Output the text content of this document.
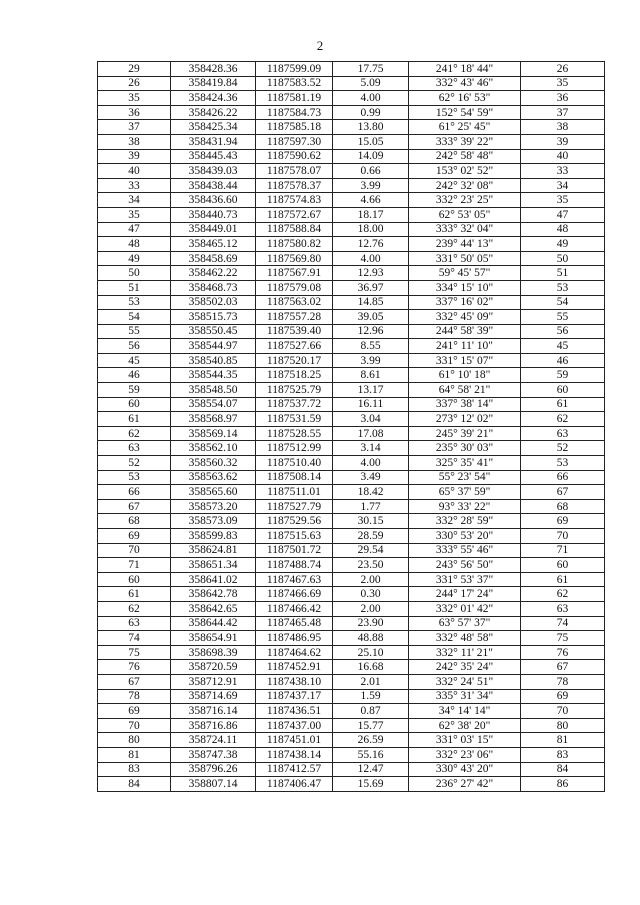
2
29	358428.36	1187599.09	17.75	241° 18' 44"	26
26	358419.84	1187583.52	5.09	332° 43' 46"	35
35	358424.36	1187581.19	4.00	62° 16' 53"	36
36	358426.22	1187584.73	0.99	152° 54' 59"	37
37	358425.34	1187585.18	13.80	61° 25' 45"	38
38	358431.94	1187597.30	15.05	333° 39' 22"	39
39	358445.43	1187590.62	14.09	242° 58' 48"	40
40	358439.03	1187578.07	0.66	153° 02' 52"	33
33	358438.44	1187578.37	3.99	242° 32' 08"	34
34	358436.60	1187574.83	4.66	332° 23' 25"	35
35	358440.73	1187572.67	18.17	62° 53' 05"	47
47	358449.01	1187588.84	18.00	333° 32' 04"	48
48	358465.12	1187580.82	12.76	239° 44' 13"	49
49	358458.69	1187569.80	4.00	331° 50' 05"	50
50	358462.22	1187567.91	12.93	59° 45' 57"	51
51	358468.73	1187579.08	36.97	334° 15' 10"	53
53	358502.03	1187563.02	14.85	337° 16' 02"	54
54	358515.73	1187557.28	39.05	332° 45' 09"	55
55	358550.45	1187539.40	12.96	244° 58' 39"	56
56	358544.97	1187527.66	8.55	241° 11' 10"	45
45	358540.85	1187520.17	3.99	331° 15' 07"	46
46	358544.35	1187518.25	8.61	61° 10' 18"	59
59	358548.50	1187525.79	13.17	64° 58' 21"	60
60	358554.07	1187537.72	16.11	337° 38' 14"	61
61	358568.97	1187531.59	3.04	273° 12' 02"	62
62	358569.14	1187528.55	17.08	245° 39' 21"	63
63	358562.10	1187512.99	3.14	235° 30' 03"	52
52	358560.32	1187510.40	4.00	325° 35' 41"	53
53	358563.62	1187508.14	3.49	55° 23' 54"	66
66	358565.60	1187511.01	18.42	65° 37' 59"	67
67	358573.20	1187527.79	1.77	93° 33' 22"	68
68	358573.09	1187529.56	30.15	332° 28' 59"	69
69	358599.83	1187515.63	28.59	330° 53' 20"	70
70	358624.81	1187501.72	29.54	333° 55' 46"	71
71	358651.34	1187488.74	23.50	243° 56' 50"	60
60	358641.02	1187467.63	2.00	331° 53' 37"	61
61	358642.78	1187466.69	0.30	244° 17' 24"	62
62	358642.65	1187466.42	2.00	332° 01' 42"	63
63	358644.42	1187465.48	23.90	63° 57' 37"	74
74	358654.91	1187486.95	48.88	332° 48' 58"	75
75	358698.39	1187464.62	25.10	332° 11' 21"	76
76	358720.59	1187452.91	16.68	242° 35' 24"	67
67	358712.91	1187438.10	2.01	332° 24' 51"	78
78	358714.69	1187437.17	1.59	335° 31' 34"	69
69	358716.14	1187436.51	0.87	34° 14' 14"	70
70	358716.86	1187437.00	15.77	62° 38' 20"	80
80	358724.11	1187451.01	26.59	331° 03' 15"	81
81	358747.38	1187438.14	55.16	332° 23' 06"	83
83	358796.26	1187412.57	12.47	330° 43' 20"	84
84	358807.14	1187406.47	15.69	236° 27' 42"	86
